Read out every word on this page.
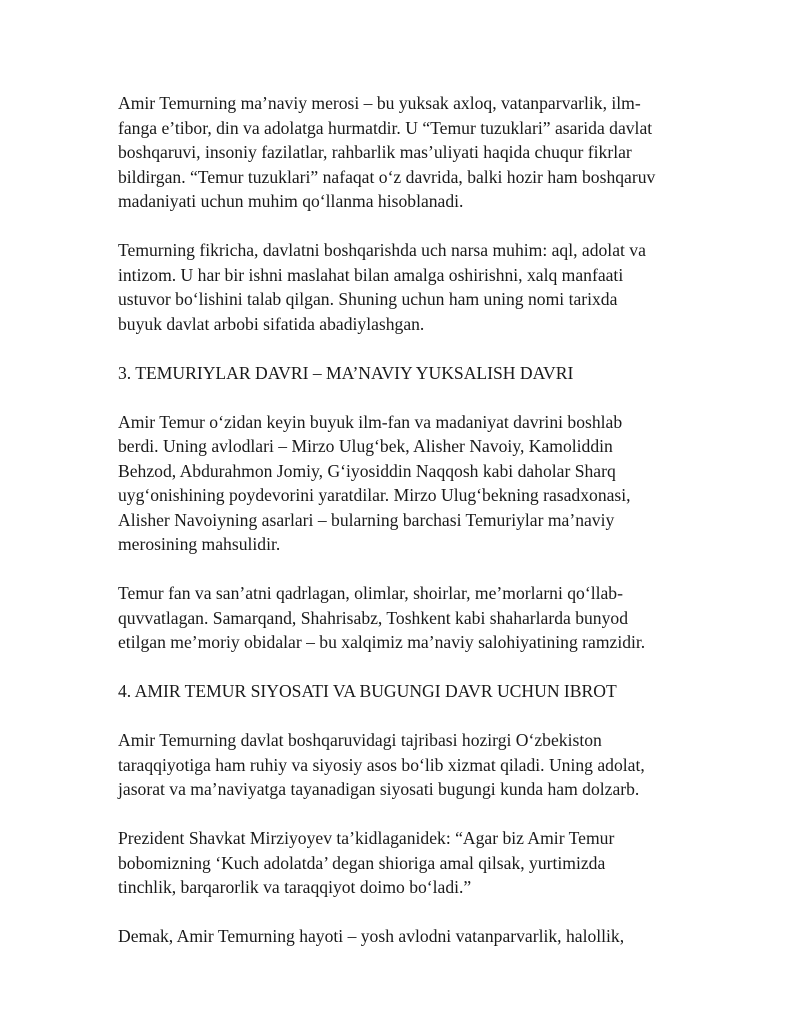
Amir Temurning ma’naviy merosi – bu yuksak axloq, vatanparvarlik, ilm-
fanga e’tibor, din va adolatga hurmatdir. U “Temur tuzuklari” asarida davlat
boshqaruvi, insoniy fazilatlar, rahbarlik mas’uliyati haqida chuqur fikrlar
bildirgan. “Temur tuzuklari” nafaqat o‘z davrida, balki hozir ham boshqaruv
madaniyati uchun muhim qo‘llanma hisoblanadi.

Temurning fikricha, davlatni boshqarishda uch narsa muhim: aql, adolat va
intizom. U har bir ishni maslahat bilan amalga oshirishni, xalq manfaati
ustuvor bo‘lishini talab qilgan. Shuning uchun ham uning nomi tarixda
buyuk davlat arbobi sifatida abadiylashgan.

3. TEMURIYLAR DAVRI – MA’NAVIY YUKSALISH DAVRI

Amir Temur o‘zidan keyin buyuk ilm-fan va madaniyat davrini boshlab
berdi. Uning avlodlari – Mirzo Ulug‘bek, Alisher Navoiy, Kamoliddin
Behzod, Abdurahmon Jomiy, G‘iyosiddin Naqqosh kabi daholar Sharq
uyg‘onishining poydevorini yaratdilar. Mirzo Ulug‘bekning rasadxonasi,
Alisher Navoiyning asarlari – bularning barchasi Temuriylar ma’naviy
merosining mahsulidir.

Temur fan va san’atni qadrlagan, olimlar, shoirlar, me’morlarni qo‘llab-
quvvatlagan. Samarqand, Shahrisabz, Toshkent kabi shaharlarda bunyod
etilgan me’moriy obidalar – bu xalqimiz ma’naviy salohiyatining ramzidir.

4. AMIR TEMUR SIYOSATI VA BUGUNGI DAVR UCHUN IBROT

Amir Temurning davlat boshqaruvidagi tajribasi hozirgi O‘zbekiston
taraqqiyotiga ham ruhiy va siyosiy asos bo‘lib xizmat qiladi. Uning adolat,
jasorat va ma’naviyatga tayanadigan siyosati bugungi kunda ham dolzarb.

Prezident Shavkat Mirziyoyev ta’kidlaganidek: “Agar biz Amir Temur
bobomizning ‘Kuch adolatda’ degan shioriga amal qilsak, yurtimizda
tinchlik, barqarorlik va taraqqiyot doimo bo‘ladi.”

Demak, Amir Temurning hayoti – yosh avlodni vatanparvarlik, halollik,
